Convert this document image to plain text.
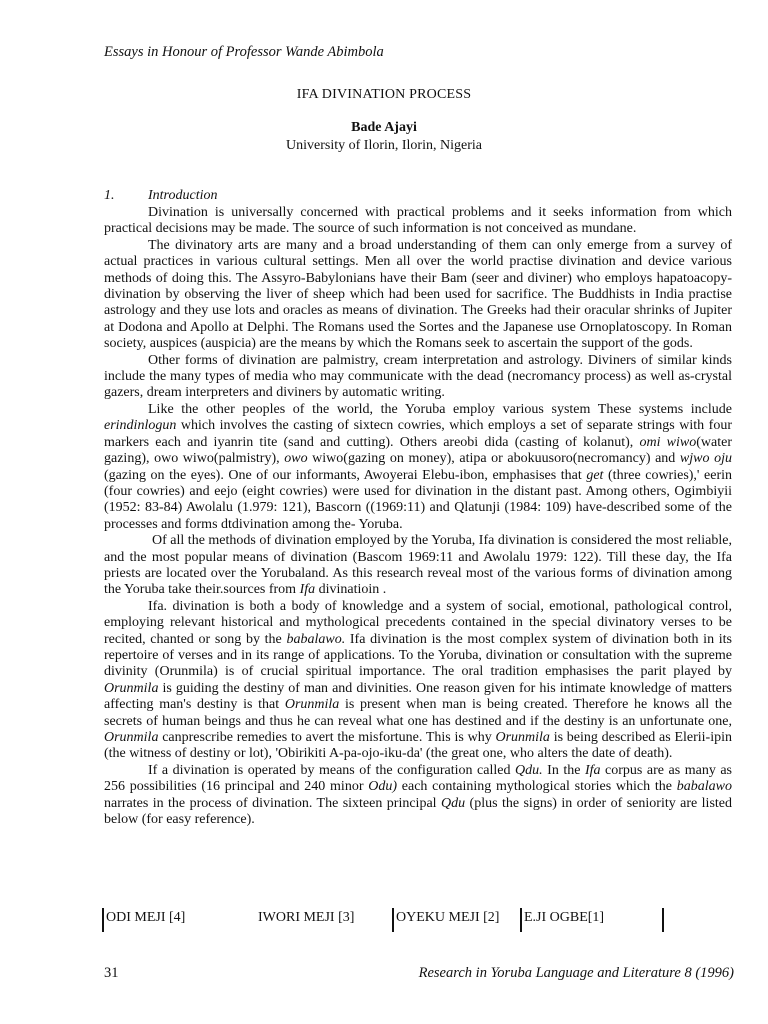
Essays in Honour of Professor Wande Abimbola
IFA DIVINATION PROCESS
Bade Ajayi
University of Ilorin, Ilorin, Nigeria
1. Introduction

Divination is universally concerned with practical problems and it seeks information from which practical decisions may be made. The source of such information is not conceived as mundane.

The divinatory arts are many and a broad understanding of them can only emerge from a survey of actual practices in various cultural settings. Men all over the world practise divination and device various methods of doing this. The Assyro-Babylonians have their Bam (seer and diviner) who employs hapatoacopy-divination by observing the liver of sheep which had been used for sacrifice. The Buddhists in India practise astrology and they use lots and oracles as means of divination. The Greeks had their oracular shrinks of Jupiter at Dodona and Apollo at Delphi. The Romans used the Sortes and the Japanese use Ornoplatoscopy. In Roman society, auspices (auspicia) are the means by which the Romans seek to ascertain the support of the gods.

Other forms of divination are palmistry, cream interpretation and astrology. Diviners of similar kinds include the many types of media who may communicate with the dead (necromancy process) as well as-crystal gazers, dream interpreters and diviners by automatic writing.

Like the other peoples of the world, the Yoruba employ various system These systems include erindinlogun which involves the casting of sixtecn cowries, which employs a set of separate strings with four markers each and iyanrin tite (sand and cutting). Others areobi dida (casting of kolanut), omi wiwo(water gazing), owo wiwo(palmistry), owo wiwo(gazing on money), atipa or abokuusoro(necromancy) and wjwo oju (gazing on the eyes). One of our informants, Awoyerai Elebu-ibon, emphasises that get (three cowries),' eerin (four cowries) and eejo (eight cowries) were used for divination in the distant past. Among others, Ogimbiyii (1952: 83-84) Awolalu (1.979: 121), Bascorn ((1969:11) and Qlatunji (1984: 109) have-described some of the processes and forms dtdivination among the- Yoruba.

Of all the methods of divination employed by the Yoruba, Ifa divination is considered the most reliable, and the most popular means of divination (Bascom 1969:11 and Awolalu 1979: 122). Till these day, the Ifa priests are located over the Yorubaland. As this research reveal most of the various forms of divination among the Yoruba take their.sources from Ifa divinatioin .

Ifa. divination is both a body of knowledge and a system of social, emotional, pathological control, employing relevant historical and mythological precedents contained in the special divinatory verses to be recited, chanted or song by the babalawo. Ifa divination is the most complex system of divination both in its repertoire of verses and in its range of applications. To the Yoruba, divination or consultation with the supreme divinity (Orunmila) is of crucial spiritual importance. The oral tradition emphasises the parit played by Orunmila is guiding the destiny of man and divinities. One reason given for his intimate knowledge of matters affecting man's destiny is that Orunmila is present when man is being created. Therefore he knows all the secrets of human beings and thus he can reveal what one has destined and if the destiny is an unfortunate one, Orunmila canprescribe remedies to avert the misfortune. This is why Orunmila is being described as Elerii-ipin (the witness of destiny or lot), 'Obirikiti A-pa-ojo-iku-da' (the great one, who alters the date of death).

If a divination is operated by means of the configuration called Qdu. In the Ifa corpus are as many as 256 possibilities (16 principal and 240 minor Odu) each containing mythological stories which the babalawo narrates in the process of divination. The sixteen principal Qdu (plus the signs) in order of seniority are listed below (for easy reference).

ODI MEJI [4]	IWORI MEJI [3]	OYEKU MEJI [2] E.JI OGBE[1]
31	Research in Yoruba Language and Literature 8 (1996)
